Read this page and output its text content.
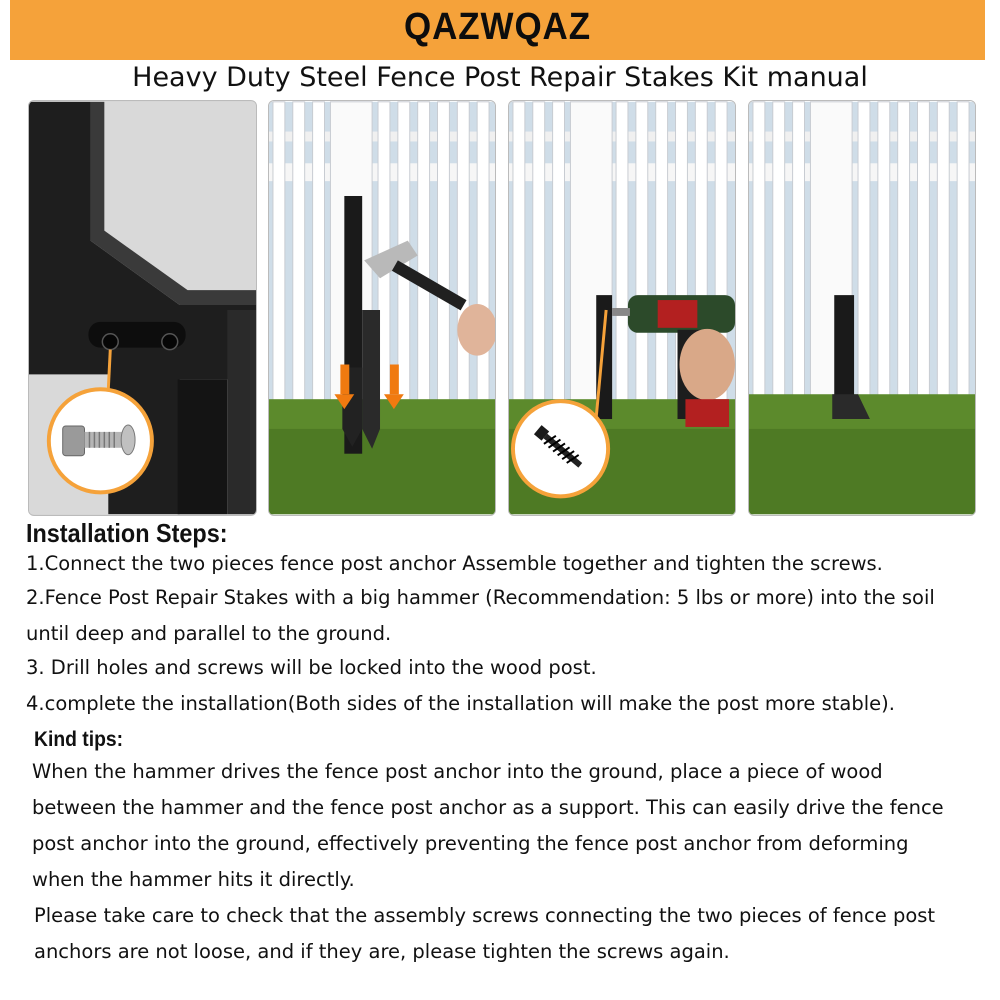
QAZWQAZ
Heavy Duty Steel Fence Post Repair Stakes Kit manual
Installation Steps:
1.Connect the two pieces fence post anchor Assemble together and tighten the screws.
2.Fence Post Repair Stakes with a big hammer (Recommendation: 5 lbs or more) into the soil
until deep and parallel to the ground.
3. Drill holes and screws will be locked into the wood post.
4.complete the installation(Both sides of the installation will make the post more stable).
Kind tips:
When the hammer drives the fence post anchor into the ground, place a piece of wood
between the hammer and the fence post anchor as a support. This can easily drive the fence
post anchor into the ground, effectively preventing the fence post anchor from deforming
when the hammer hits it directly.
Please take care to check that the assembly screws connecting the two pieces of fence post
anchors are not loose, and if they are, please tighten the screws again.
